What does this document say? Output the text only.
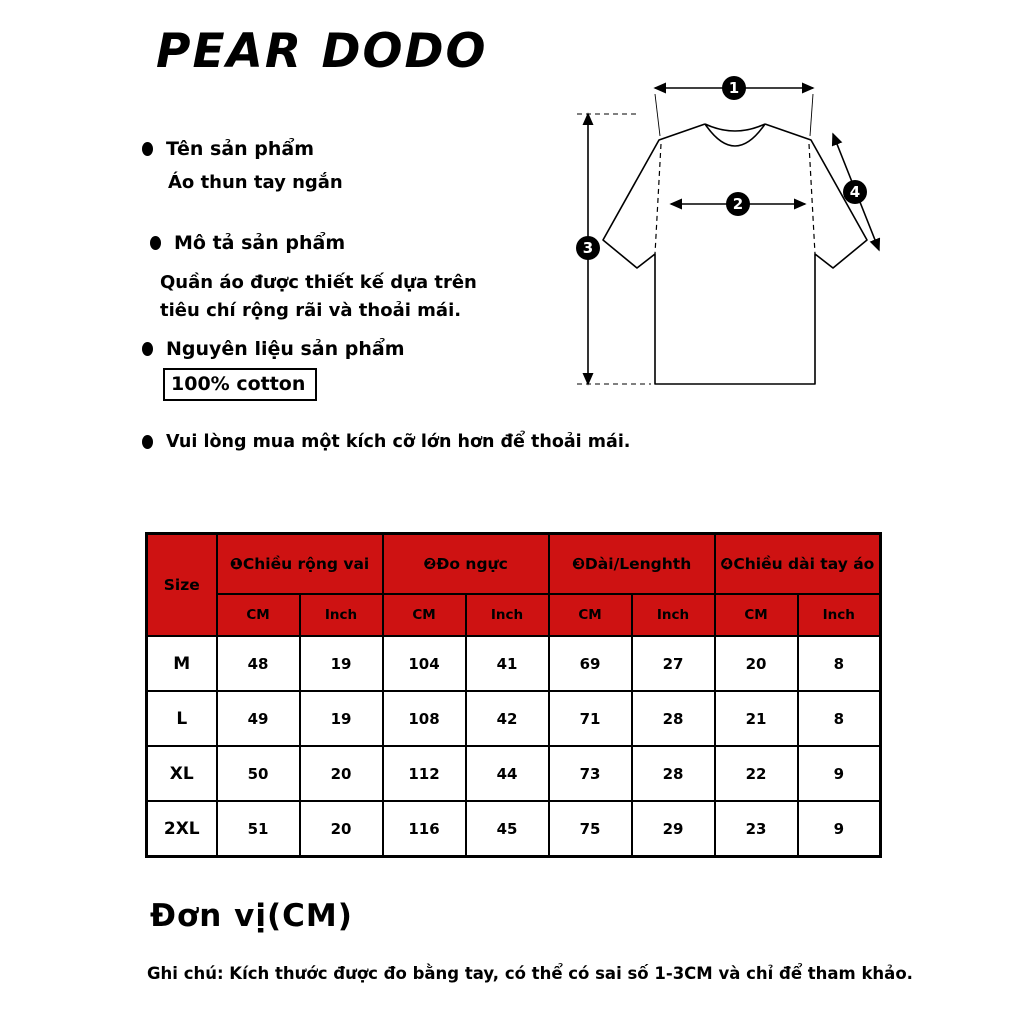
PEAR DODO
Tên sản phẩm
Áo thun tay ngắn
Mô tả sản phẩm
Quần áo được thiết kế dựa trên
tiêu chí rộng rãi và thoải mái.
Nguyên liệu sản phẩm
100% cotton
Vui lòng mua một kích cỡ lớn hơn để thoải mái.
1
2
3
4
Size	❶Chiều rộng vai		❷Đo ngực		❸Dài/Lenghth		❹Chiều dài tay áo	
	CM	Inch	CM	Inch	CM	Inch	CM	Inch
M	48	19	104	41	69	27	20	8
L	49	19	108	42	71	28	21	8
XL	50	20	112	44	73	28	22	9
2XL	51	20	116	45	75	29	23	9
Đơn vị(CM)
Ghi chú: Kích thước được đo bằng tay, có thể có sai số 1-3CM và chỉ để tham khảo.
